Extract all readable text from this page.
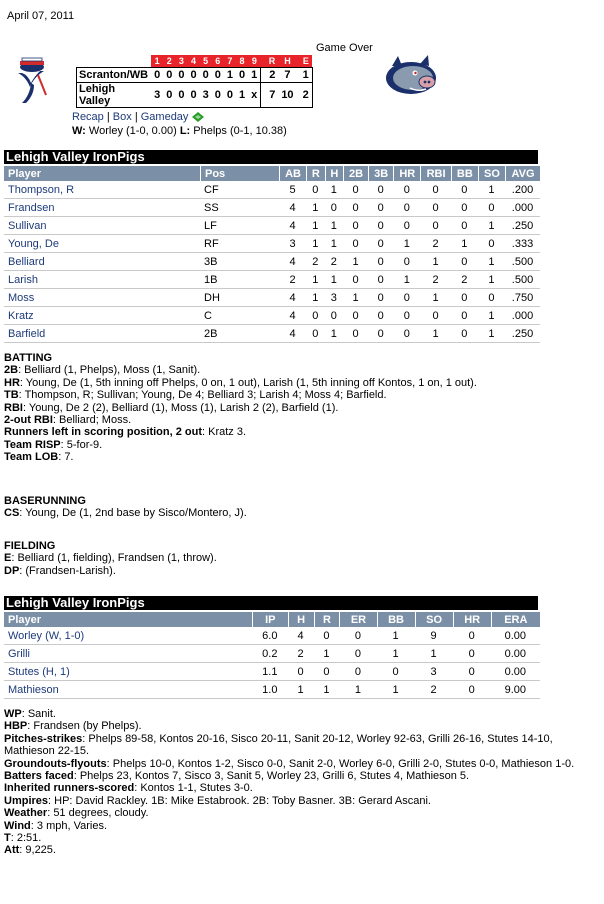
April 07, 2011
Game Over
	1	2	3	4	5	6	7	8	9	R	H	E
Scranton/WB	0	0	0	0	0	0	1	0	1	2	7	1
Lehigh Valley	3	0	0	0	3	0	0	1	x	7	10	2
Recap | Box | Gameday
W: Worley (1-0, 0.00) L: Phelps (0-1, 10.38)
Lehigh Valley IronPigs
Player	Pos	AB	R	H	2B	3B	HR	RBI	BB	SO	AVG
Thompson, R	CF	5	0	1	0	0	0	0	0	1	.200
Frandsen	SS	4	1	0	0	0	0	0	0	0	.000
Sullivan	LF	4	1	1	0	0	0	0	0	1	.250
Young, De	RF	3	1	1	0	0	1	2	1	0	.333
Belliard	3B	4	2	2	1	0	0	1	0	1	.500
Larish	1B	2	1	1	0	0	1	2	2	1	.500
Moss	DH	4	1	3	1	0	0	1	0	0	.750
Kratz	C	4	0	0	0	0	0	0	0	1	.000
Barfield	2B	4	0	1	0	0	0	1	0	1	.250
BATTING
2B: Belliard (1, Phelps), Moss (1, Sanit).
HR: Young, De (1, 5th inning off Phelps, 0 on, 1 out), Larish (1, 5th inning off Kontos, 1 on, 1 out).
TB: Thompson, R; Sullivan; Young, De 4; Belliard 3; Larish 4; Moss 4; Barfield.
RBI: Young, De 2 (2), Belliard (1), Moss (1), Larish 2 (2), Barfield (1).
2-out RBI: Belliard; Moss.
Runners left in scoring position, 2 out: Kratz 3.
Team RISP: 5-for-9.
Team LOB: 7.
BASERUNNING
CS: Young, De (1, 2nd base by Sisco/Montero, J).
FIELDING
E: Belliard (1, fielding), Frandsen (1, throw).
DP: (Frandsen-Larish).
Lehigh Valley IronPigs
Player	IP	H	R	ER	BB	SO	HR	ERA
Worley (W, 1-0)	6.0	4	0	0	1	9	0	0.00
Grilli	0.2	2	1	0	1	1	0	0.00
Stutes (H, 1)	1.1	0	0	0	0	3	0	0.00
Mathieson	1.0	1	1	1	1	2	0	9.00
WP: Sanit.
HBP: Frandsen (by Phelps).
Pitches-strikes: Phelps 89-58, Kontos 20-16, Sisco 20-11, Sanit 20-12, Worley 92-63, Grilli 26-16, Stutes 14-10, Mathieson 22-15.
Groundouts-flyouts: Phelps 10-0, Kontos 1-2, Sisco 0-0, Sanit 2-0, Worley 6-0, Grilli 2-0, Stutes 0-0, Mathieson 1-0.
Batters faced: Phelps 23, Kontos 7, Sisco 3, Sanit 5, Worley 23, Grilli 6, Stutes 4, Mathieson 5.
Inherited runners-scored: Kontos 1-1, Stutes 3-0.
Umpires: HP: David Rackley. 1B: Mike Estabrook. 2B: Toby Basner. 3B: Gerard Ascani.
Weather: 51 degrees, cloudy.
Wind: 3 mph, Varies.
T: 2:51.
Att: 9,225.
